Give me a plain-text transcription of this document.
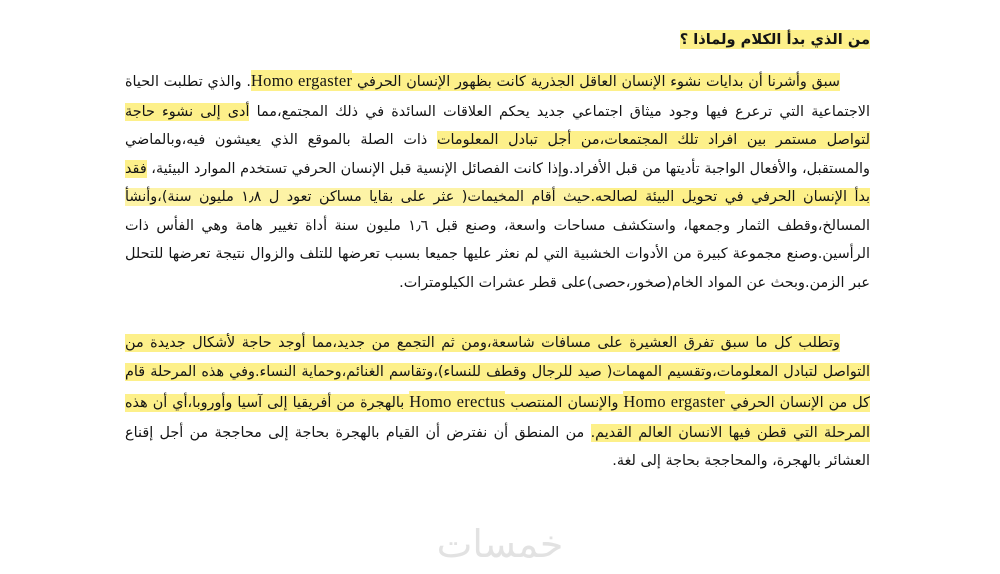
من الذي بدأ الكلام ولماذا ؟

سبق وأشرنا أن بدايات نشوء الإنسان العاقل الجذرية كانت بظهور الإنسان الحرفي Homo ergaster. والذي تطلبت الحياة الاجتماعية التي ترعرع فيها وجود ميثاق اجتماعي جديد يحكم العلاقات السائدة في ذلك المجتمع،مما أدى إلى نشوء حاجة لتواصل مستمر بين افراد تلك المجتمعات،من أجل تبادل المعلومات ذات الصلة بالموقع الذي يعيشون فيه،وبالماضي والمستقبل، والأفعال الواجبة تأديتها من قبل الأفراد.وإذا كانت الفصائل الإنسية قبل الإنسان الحرفي تستخدم الموارد البيئية، فقد بدأ الإنسان الحرفي في تحويل البيئة لصالحه.حيث أقام المخيمات( عثر على بقايا مساكن تعود ل ١٫٨ مليون سنة)،وأنشأ المسالخ،وقطف الثمار وجمعها، واستكشف مساحات واسعة، وصنع قبل ١٫٦ مليون سنة أداة تغيير هامة وهي الفأس ذات الرأسين.وصنع مجموعة كبيرة من الأدوات الخشبية التي لم نعثر عليها جميعا بسبب تعرضها للتلف والزوال نتيجة تعرضها للتحلل عبر الزمن.وبحث عن المواد الخام(صخور،حصى)على قطر عشرات الكيلومترات.

وتطلب كل ما سبق تفرق العشيرة على مسافات شاسعة،ومن ثم التجمع من جديد،مما أوجد حاجة لأشكال جديدة من التواصل لتبادل المعلومات،وتقسيم المهمات( صيد للرجال وقطف للنساء)،وتقاسم الغنائم،وحماية النساء.وفي هذه المرحلة قام كل من الإنسان الحرفي Homo ergaster والإنسان المنتصب Homo erectus بالهجرة من أفريقيا إلى آسيا وأوروبا،أي أن هذه المرحلة التي قطن فيها الانسان العالم القديم. من المنطق أن نفترض أن القيام بالهجرة بحاجة إلى محاججة من أجل إقناع العشائر بالهجرة، والمحاججة بحاجة إلى لغة.

خمسات
